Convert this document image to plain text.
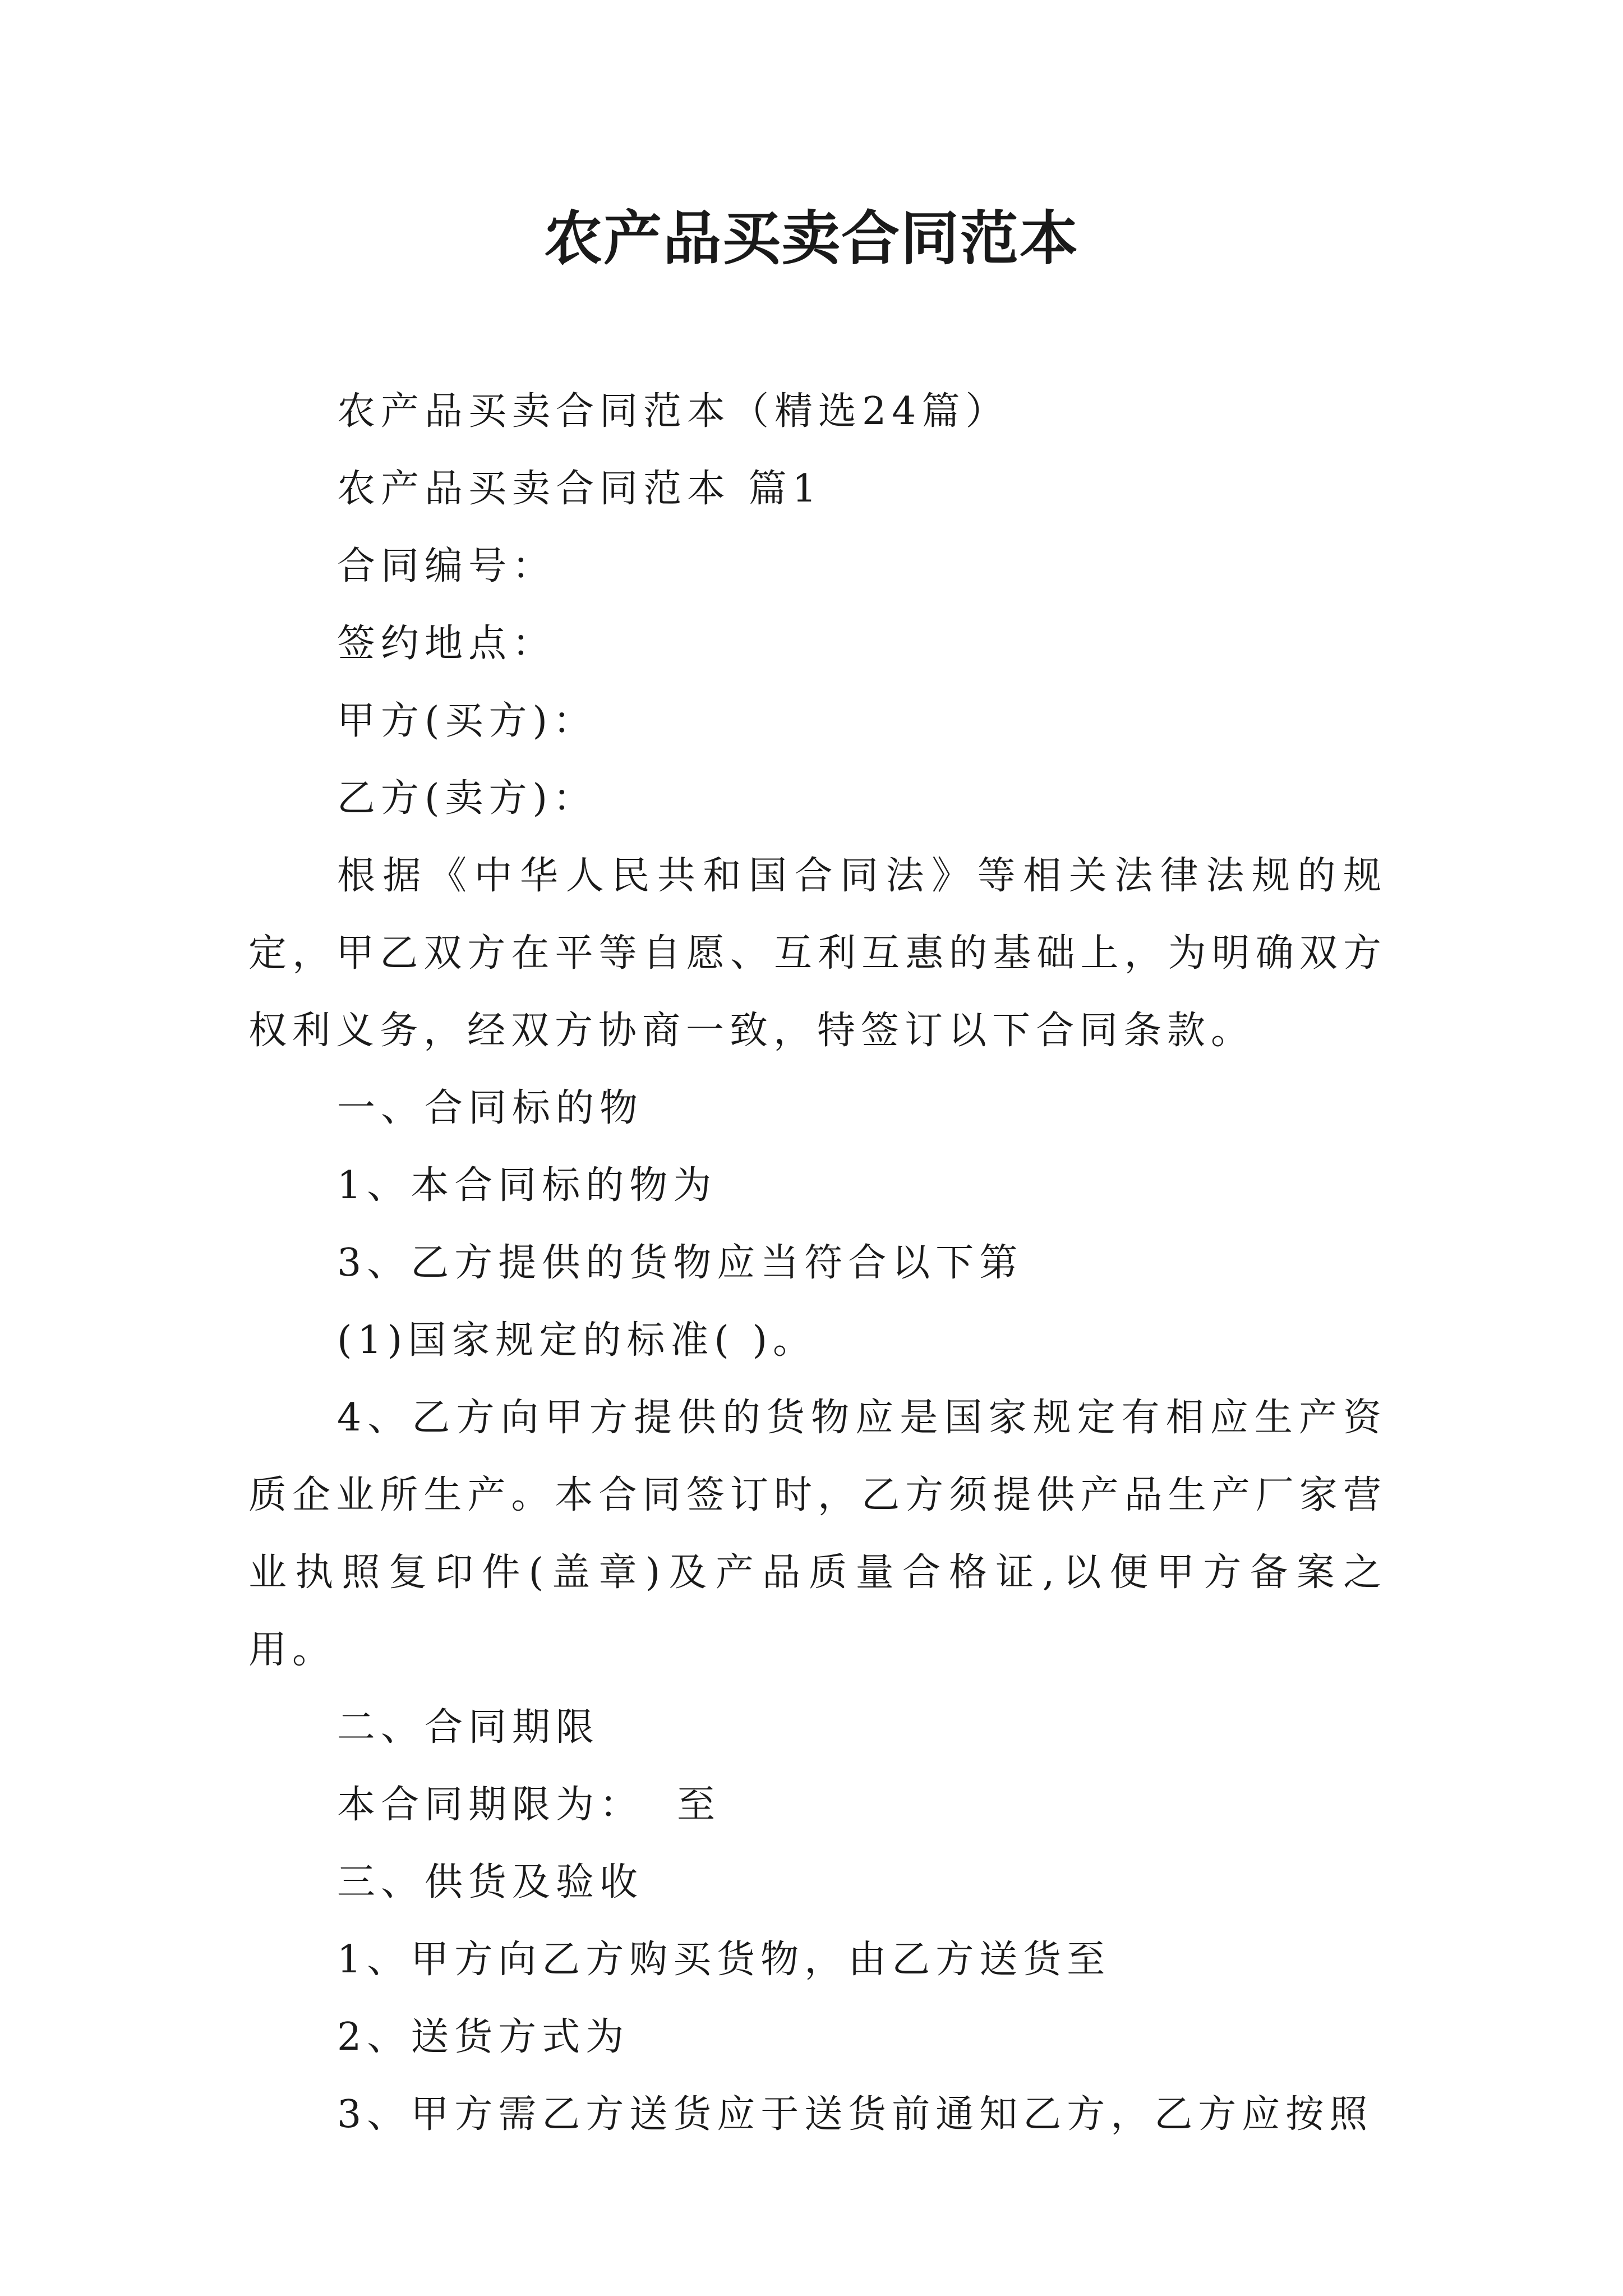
农产品买卖合同范本

农产品买卖合同范本（精选24篇）

农产品买卖合同范本 篇1

合同编号：

签约地点：

甲方(买方)：

乙方(卖方)：

根据《中华人民共和国合同法》等相关法律法规的规定，甲乙双方在平等自愿、互利互惠的基础上，为明确双方权利义务，经双方协商一致，特签订以下合同条款。

一、合同标的物

1、本合同标的物为

3、乙方提供的货物应当符合以下第

(1)国家规定的标准( )。

4、乙方向甲方提供的货物应是国家规定有相应生产资质企业所生产。本合同签订时，乙方须提供产品生产厂家营业执照复印件(盖章)及产品质量合格证,以便甲方备案之用。

二、合同期限

本合同期限为： 至

三、供货及验收

1、甲方向乙方购买货物，由乙方送货至

2、送货方式为

3、甲方需乙方送货应于送货前通知乙方，乙方应按照
